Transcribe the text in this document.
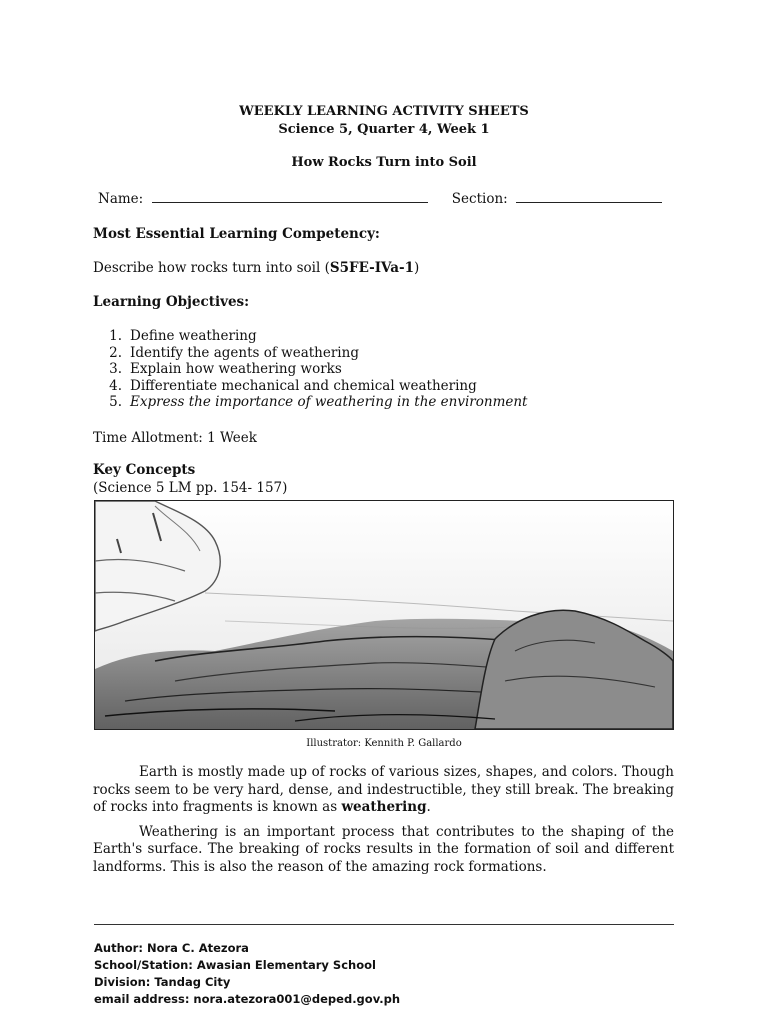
WEEKLY LEARNING ACTIVITY SHEETS
Science 5, Quarter 4, Week 1
How Rocks Turn into Soil
Name:	Section:
Most Essential Learning Competency:
Describe how rocks turn into soil (S5FE-IVa-1)
Learning Objectives:
1. Define weathering
2. Identify the agents of weathering
3. Explain how weathering works
4. Differentiate mechanical and chemical weathering
5. Express the importance of weathering in the environment
Time Allotment: 1 Week
Key Concepts
(Science 5 LM pp. 154- 157)
Illustrator: Kennith P. Gallardo

Earth is mostly made up of rocks of various sizes, shapes, and colors. Though rocks seem to be very hard, dense, and indestructible, they still break. The breaking of rocks into fragments is known as weathering.

Weathering is an important process that contributes to the shaping of the Earth's surface. The breaking of rocks results in the formation of soil and different landforms. This is also the reason of the amazing rock formations.

Author: Nora C. Atezora
School/Station: Awasian Elementary School
Division: Tandag City
email address: nora.atezora001@deped.gov.ph
